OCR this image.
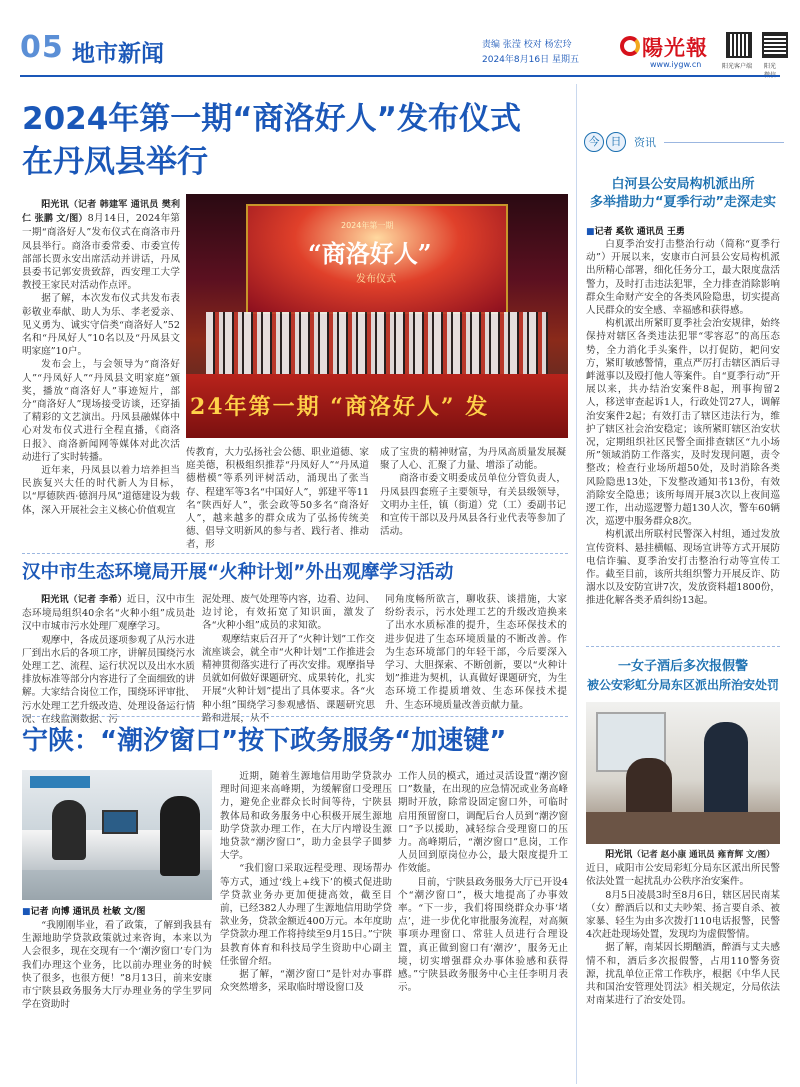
05 地市新闻	责编 张滢 校对 杨宏玲
2024年8月16日 星期五	陽光報
www.iygw.cn	阳光客户端 阳光
2024年第一期“商洛好人”发布仪式
在丹凤县举行
阳光讯（记者 韩建军 通讯员 樊利仁 张鹏 文/图）8月14日，2024年第一期“商洛好人”发布仪式在商洛市丹凤县举行。商洛市委常委、市委宣传部部长贾永安出席活动并讲话，丹凤县委书记郭安贵致辞，西安理工大学教授王家民对活动作点评。
据了解，本次发布仪式共发布表彰敬业奉献、助人为乐、孝老爱亲、见义勇为、诚实守信类“商洛好人”52名和“丹凤好人”10名以及“丹凤县文明家庭”10户。
发布会上，与会领导为“商洛好人”“丹凤好人”“丹凤县文明家庭”颁奖，播放“商洛好人”事迹短片，部分“商洛好人”现场接受访谈，还穿插了精彩的文艺演出。丹凤县融媒体中心对发布仪式进行全程直播，《商洛日报》、商洛新闻网等媒体对此次活动进行了实时转播。
近年来，丹凤县以着力培养担当民族复兴大任的时代新人为目标，以“厚德陕西·德润丹凤”道德建设为载体，深入开展社会主义核心价值观宣
2024年第一期
“商洛好人”
发布仪式
24年第一期 “商洛好人” 发
传教育，大力弘扬社会公德、职业道德、家庭美德，积极组织推荐“丹凤好人”“丹凤道德楷模”等系列评树活动，涌现出了张当存、程建军等3名“中国好人”，郭建平等11名“陕西好人”，张会政等50多名“商洛好人”，越来越多的群众成为了弘扬传统美德、倡导文明新风的参与者、践行者、推动者，形
成了宝贵的精神财富，为丹凤高质量发展凝聚了人心、汇聚了力量、增添了动能。
商洛市委文明委成员单位分管负责人，丹凤县四套班子主要领导，有关县级领导，文明办主任，镇（街道）党（工）委副书记和宣传干部以及丹凤县各行业代表等参加了活动。
汉中市生态环境局开展“火种计划”外出观摩学习活动
阳光讯（记者 李希）近日，汉中市生态环境局组织40余名“火种小组”成员赴汉中市城市污水处理厂观摩学习。
观摩中，各成员逐项参观了从污水进厂到出水后的各项工序，讲解员围绕污水处理工艺、流程、运行状况以及出水水质排放标准等部分内容进行了全面细致的讲解。大家结合岗位工作，围绕环评审批、污水处理工艺升级改造、处理设备运行情况、在线监测数据、污
泥处理、废气处理等内容，边看、边问、边讨论，有效拓宽了知识面，激发了各“火种小组”成员的求知欲。
观摩结束后召开了“火种计划”工作交流座谈会，就全市“火种计划”工作推进会精神贯彻落实进行了再次安排。观摩指导员就如何做好课题研究、成果转化，扎实开展“火种计划”提出了具体要求。各“火种小组”围绕学习参观感悟、课题研究思路和进展，从不
同角度畅所欲言，聊收获、谈措施，大家纷纷表示，污水处理工艺的升级改造换来了出水水质标准的提升，生态环保技术的进步促进了生态环境质量的不断改善。作为生态环境部门的年轻干部，今后要深入学习、大胆探索、不断创新，要以“火种计划”推进为契机，认真做好课题研究，为生态环境工作提质增效、生态环保技术提升、生态环境质量改善贡献力量。
宁陕：“潮汐窗口”按下政务服务“加速键”
■记者 向博 通讯员 杜敏 文/图
“我刚刚毕业，看了政策，了解到我县有生源地助学贷款政策就过来咨询，本来以为人会很多，现在交现有一个‘潮汐窗口’专门为我们办理这个业务，比以前办理业务的时候快了很多，也很方便！”8月13日，前来安康市宁陕县政务服务大厅办理业务的学生罗同学在资助时
近期，随着生源地信用助学贷款办理时间迎来高峰期，为缓解窗口受理压力，避免企业群众长时间等待，宁陕县教体局和政务服务中心积极开展生源地助学贷款办理工作，在大厅内增设生源地贷款“潮汐窗口”，助力金县学子圆梦大学。
“我们窗口采取远程受理、现场帮办等方式，通过‘线上+线下’的模式促进助学贷款业务办更加便捷高效，截至目前，已经382人办理了生源地信用助学贷款业务，贷款金额近400万元。本年度助学贷款办理工作将持续至9月15日。”宁陕县教育体育和科技局学生资助中心副主任张留介绍。
据了解，“潮汐窗口”是针对办事群众突然增多，采取临时增设窗口及
工作人员的模式，通过灵活设置“潮汐窗口”数量，在出现的应急情况或业务高峰期时开放，除常设固定窗口外，可临时启用预留窗口，调配后台人员到“潮汐窗口”予以援助，减轻综合受理窗口的压力。高峰期后，“潮汐窗口”息岗，工作人员回到原岗位办公，最大限度提升工作效能。
目前，宁陕县政务服务大厅已开设4个“潮汐窗口”，极大地提高了办事效率。“下一步，我们将围绕群众办事‘堵点’，进一步优化审批服务流程，对高频事项办理窗口、常驻人员进行合理设置，真正做到窗口有‘潮汐’，服务无止境，切实增强群众办事体验感和获得感。”宁陕县政务服务中心主任李明月表示。
今	日	资讯
白河县公安局构机派出所
多举措助力“夏季行动”走深走实
■记者 奚钦 通讯员 王勇
白夏季治安打击整治行动（简称“夏季行动”）开展以来，安康市白河县公安局构机派出所精心部署，细化任务分工，最大限度盘活警力，及时打击违法犯罪，全力排查消除影响群众生命财产安全的各类风险隐患，切实提高人民群众的安全感、幸福感和获得感。
构机派出所紧盯夏季社会治安规律，始终保持对辖区各类违法犯罪“零容忍”的高压态势，全力消化手头案件，以打促防，耙问安方，紧盯敏感警情，重点严厉打击辖区酒后寻衅滋事以及殴打他人等案件。自“夏季行动”开展以来，共办结治安案件8起，刑事拘留2人，移送审查起诉1人，行政处罚27人，调解治安案件2起；有效打击了辖区违法行为，维护了辖区社会治安稳定；该所紧盯辖区治安状况，定期组织社区民警全面排查辖区“九小场所”领域消防工作落实，及时发现问题，责令整改；检查行业场所超50处，及时消除各类风险隐患13处，下发整改通知书13份，有效消除安全隐患；该所每周开展3次以上夜间巡逻工作，出动巡逻警力超130人次，警车60辆次，巡逻中服务群众8次。
构机派出所联村民警深入村组，通过发放宣传资料、悬挂横幅、现场宣讲等方式开展防电信诈骗、夏季治安打击整治行动等宣传工作。截至目前，该所共组织警力开展反诈、防溺水以及安防宣讲7次，发放资料超1800份，推进化解各类矛盾纠纷13起。
一女子酒后多次报假警
被公安彩虹分局东区派出所治安处罚
阳光讯（记者 赵小康 通讯员 雍育辉 文/图）
近日，咸阳市公安局彩虹分局东区派出所民警依法处置一起扰乱办公秩序治安案件。
8月5日凌晨3时至8月6日，辖区居民南某（女）醉酒后以和丈夫吵架、扬言要自杀、被家暴、轻生为由多次拨打110电话报警，民警4次赶赴现场处置，发现均为虚假警情。
据了解，南某因长期酗酒，醉酒与丈夫感情不和，酒后多次报假警，占用110警务资源，扰乱单位正常工作秩序，根据《中华人民共和国治安管理处罚法》相关规定，分局依法对南某进行了治安处罚。
